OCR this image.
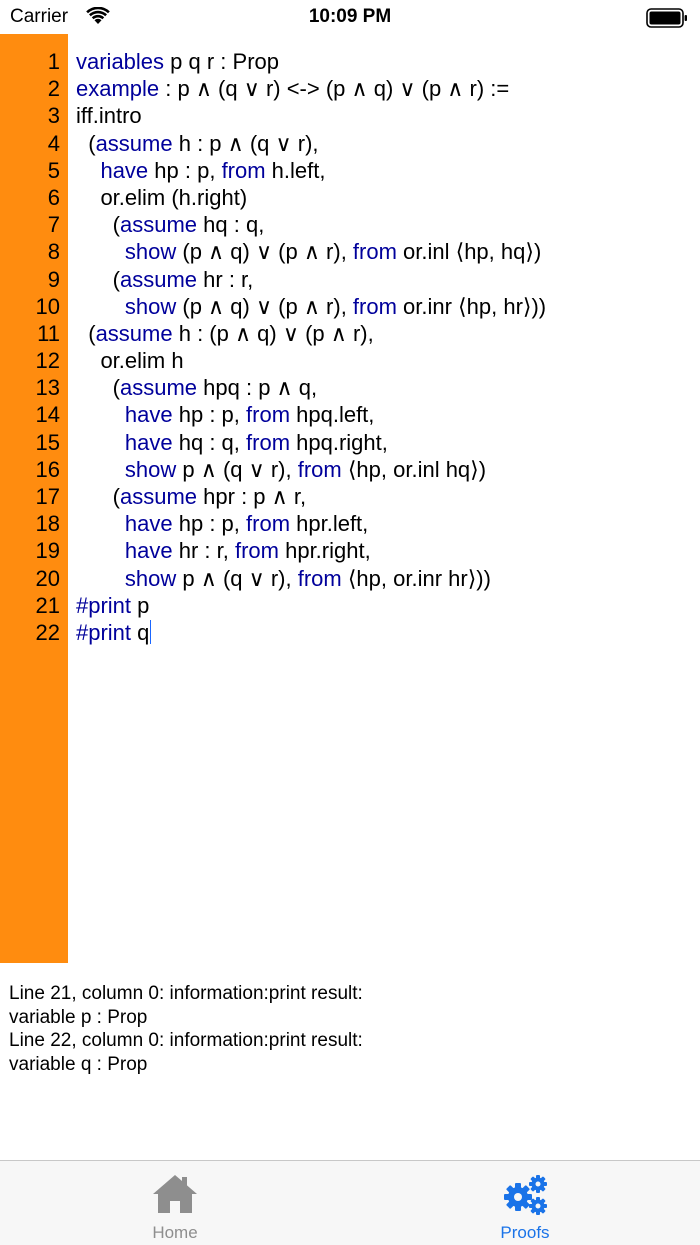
Carrier	10:09 PM
1
2
3
4
5
6
7
8
9
10
11
12
13
14
15
16
17
18
19
20
21
22
variables p q r : Prop
example : p ∧ (q ∨ r) <-> (p ∧ q) ∨ (p ∧ r) :=
iff.intro
(assume h : p ∧ (q ∨ r),
have hp : p, from h.left,
or.elim (h.right)
(assume hq : q,
show (p ∧ q) ∨ (p ∧ r), from or.inl ⟨hp, hq⟩)
(assume hr : r,
show (p ∧ q) ∨ (p ∧ r), from or.inr ⟨hp, hr⟩))
(assume h : (p ∧ q) ∨ (p ∧ r),
or.elim h
(assume hpq : p ∧ q,
have hp : p, from hpq.left,
have hq : q, from hpq.right,
show p ∧ (q ∨ r), from ⟨hp, or.inl hq⟩)
(assume hpr : p ∧ r,
have hp : p, from hpr.left,
have hr : r, from hpr.right,
show p ∧ (q ∨ r), from ⟨hp, or.inr hr⟩))
#print p
#print q
Line 21, column 0: information:print result:
variable p : Prop
Line 22, column 0: information:print result:
variable q : Prop
Home	Proofs
